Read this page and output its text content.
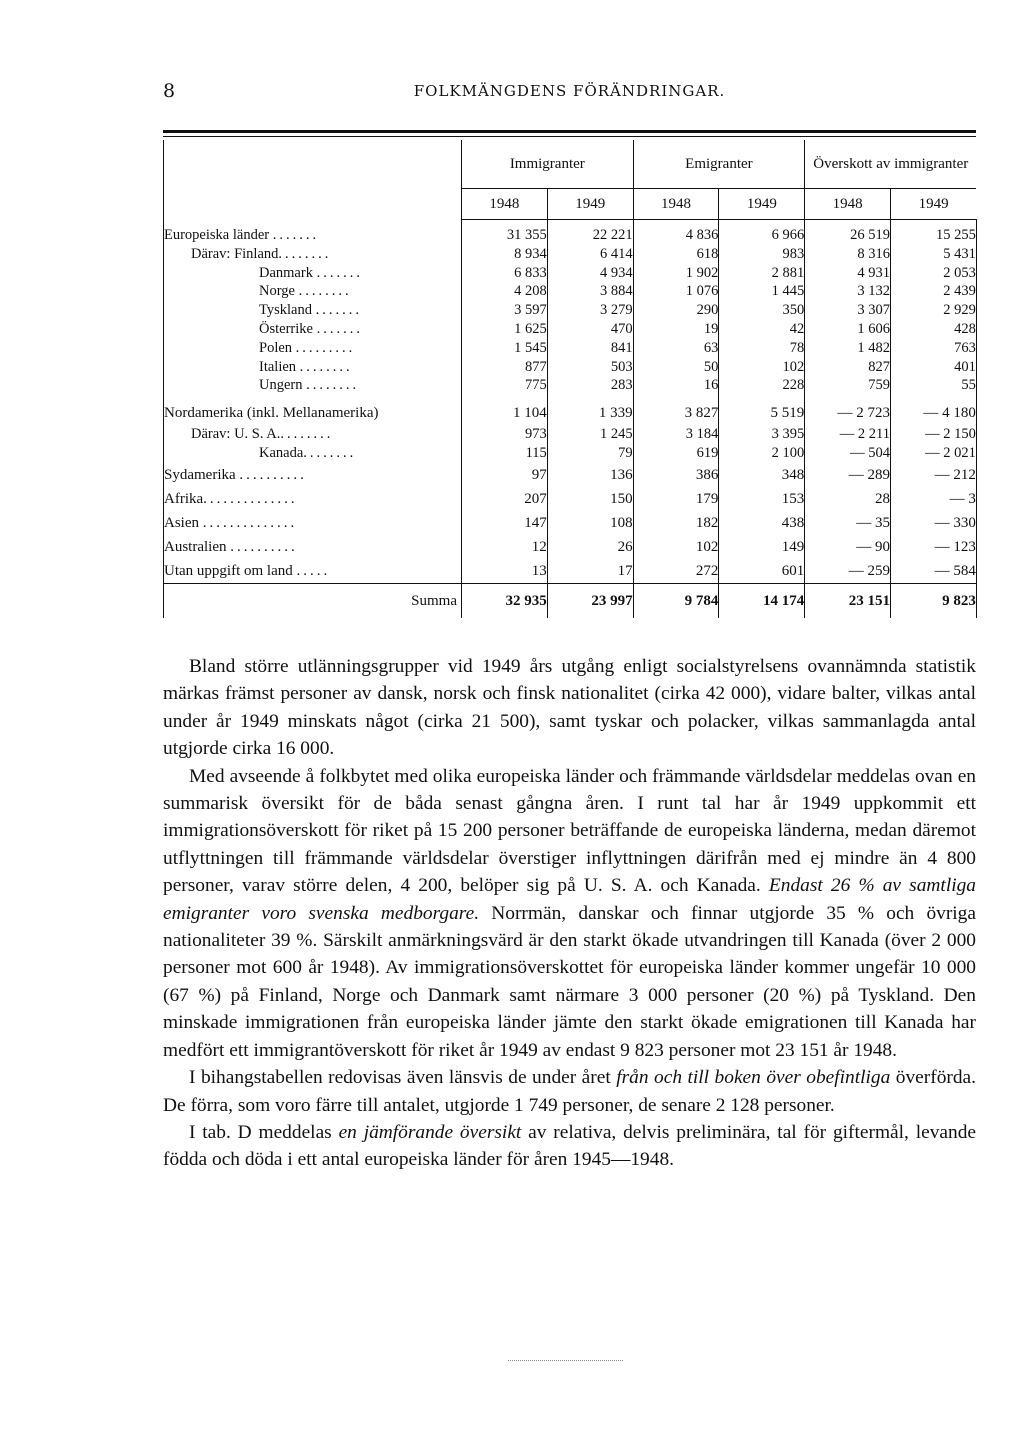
8	FOLKMÄNGDENS FÖRÄNDRINGAR.
	Immigranter		Emigranter		Överskott av immigranter	
	1948	1949	1948	1949	1948	1949

Europeiska länder .......	31 355	22 221	4 836	6 966	26 519	15 255
Därav: Finland........	8 934	6 414	618	983	8 316	5 431
Danmark .......	6 833	4 934	1 902	2 881	4 931	2 053
Norge ........	4 208	3 884	1 076	1 445	3 132	2 439
Tyskland .......	3 597	3 279	290	350	3 307	2 929
Österrike .......	1 625	470	19	42	1 606	428
Polen .........	1 545	841	63	78	1 482	763
Italien ........	877	503	50	102	827	401
Ungern ........	775	283	16	228	759	55

Nordamerika (inkl. Mellanamerika)	1 104	1 339	3 827	5 519	— 2 723	— 4 180
Därav: U. S. A.........	973	1 245	3 184	3 395	— 2 211	— 2 150
Kanada........	115	79	619	2 100	— 504	— 2 021
Sydamerika ..........	97	136	386	348	— 289	— 212
Afrika..............	207	150	179	153	28	— 3
Asien ..............	147	108	182	438	— 35	— 330
Australien ..........	12	26	102	149	— 90	— 123
Utan uppgift om land .....	13	17	272	601	— 259	— 584
Summa	32 935	23 997	9 784	14 174	23 151	9 823

Bland större utlänningsgrupper vid 1949 års utgång enligt socialstyrelsens ovannämnda statistik märkas främst personer av dansk, norsk och finsk nationalitet (cirka 42 000), vidare balter, vilkas antal under år 1949 minskats något (cirka 21 500), samt tyskar och polacker, vilkas sammanlagda antal utgjorde cirka 16 000.

Med avseende å folkbytet med olika europeiska länder och främmande världsdelar meddelas ovan en summarisk översikt för de båda senast gångna åren. I runt tal har år 1949 uppkommit ett immigrationsöverskott för riket på 15 200 personer beträffande de europeiska länderna, medan däremot utflyttningen till främmande världsdelar överstiger inflyttningen därifrån med ej mindre än 4 800 personer, varav större delen, 4 200, belöper sig på U. S. A. och Kanada. Endast 26 % av samtliga emigranter voro svenska medborgare. Norrmän, danskar och finnar utgjorde 35 % och övriga nationaliteter 39 %. Särskilt anmärkningsvärd är den starkt ökade utvandringen till Kanada (över 2 000 personer mot 600 år 1948). Av immigrationsöverskottet för europeiska länder kommer ungefär 10 000 (67 %) på Finland, Norge och Danmark samt närmare 3 000 personer (20 %) på Tyskland. Den minskade immigrationen från europeiska länder jämte den starkt ökade emigrationen till Kanada har medfört ett immigrantöverskott för riket år 1949 av endast 9 823 personer mot 23 151 år 1948.

I bihangstabellen redovisas även länsvis de under året från och till boken över obefintliga överförda. De förra, som voro färre till antalet, utgjorde 1 749 personer, de senare 2 128 personer.

I tab. D meddelas en jämförande översikt av relativa, delvis preliminära, tal för giftermål, levande födda och döda i ett antal europeiska länder för åren 1945—1948.
